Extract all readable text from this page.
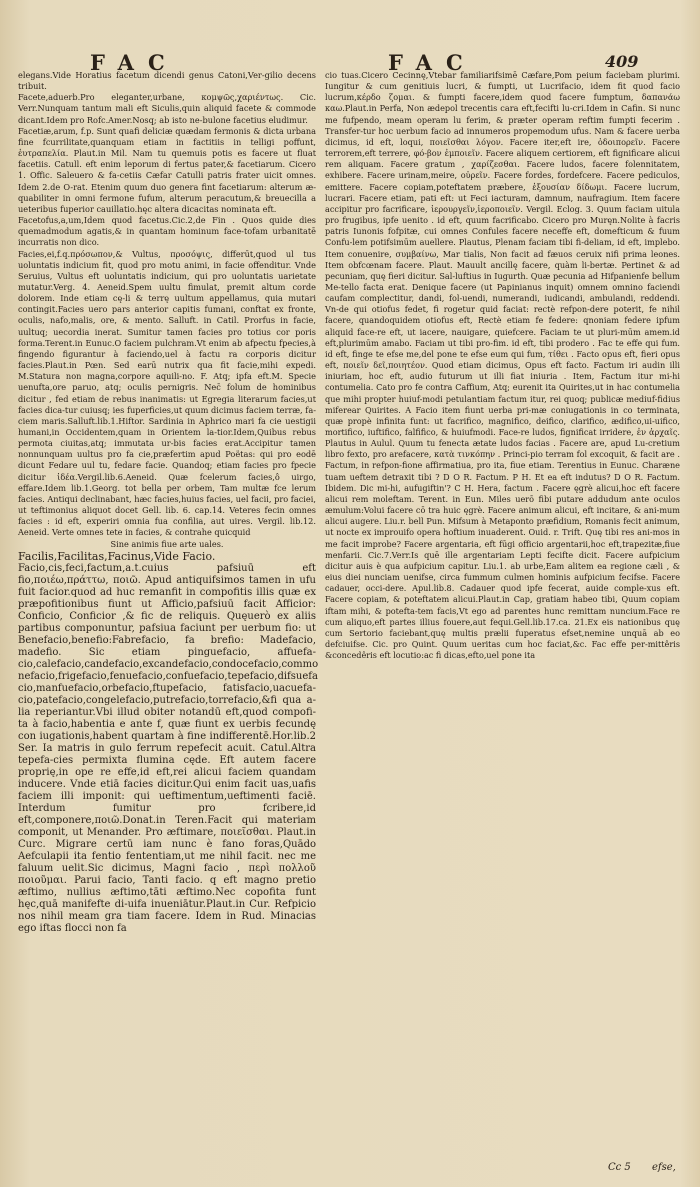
FAC	FAC	409

elegans.Vide Horatius facetum dicendi genus Catoni,Ver-gilio decens tribuit.

Facete,aduerb.Pro eleganter,urbane, κομψῶς,χαριέντως. Cic. Verr.Nunquam tantum mali eft Siculis,quin aliquid facete & commode dicant.Idem pro Rofc.Amer.Nosq; ab isto ne-bulone facetius eludimur.

Facetiæ,arum, f.p. Sunt quafi deliciæ quædam fermonis & dicta urbana fine fcurrilitate,quanquam etiam in factitiis in telligi poffunt, ἐυτραπελία. Plaut.in Mil. Nam tu quemuis potis es facere ut fluat facetiis. Catull. eft enim leporum di fertus pater,& facetiarum. Cicero 1. Offic. Saleuero & fa-cetiis Cæfar Catulli patris frater uicit omnes. Idem 2.de O-rat. Etenim quum duo genera fint facetiarum: alterum æ-quabiliter in omni fermone fufum, alterum peracutum,& breuecilla a ueteribus fuperior cauillatio.hęc altera dicacitas nominata eft.

Facetofus,a,um,Idem quod facetus.Cic.2,de Fin . Quos quide dies quemadmodum agatis,& in quantam hominum face-tofam urbanitatē incurratis non dico.

Facies,ei,f.q.πρόσωπον,& Vultus, προσόψις, differūt,quod ul tus uoluntatis indicium fit, quod pro motu animi, in facie offenditur. Vnde Seruius, Vultus eft uoluntatis indicium, qui pro uoluntatis uarietate mutatur.Verg. 4. Aeneid.Spem uultu fimulat, premit altum corde dolorem. Inde etiam cę-li & terrę uultum appellamus, quia mutari contingit.Facies uero pars anterior capitis fumani, conftat ex fronte, oculis, nafo,malis, ore, & mento. Salluft. in Catil. Prorfus in facie, uultuq; uecordia inerat. Sumitur tamen facies pro totius cor poris forma.Terent.in Eunuc.O faciem pulchram.Vt enim ab afpectu fpecies,à fingendo figurantur à faciendo,uel à factu ra corporis dicitur facies.Plaut.in Pœn. Sed earū nutrix qua fit facie,mihi expedi. M.Statura non magna,corpore aquili-no. F. Atq; ipfa eft.M. Specie uenufta,ore paruo, atq; oculis pernigris. Nec̄ folum de hominibus dicitur , fed etiam de rebus inanimatis: ut Egregia literarum facies,ut facies dica-tur cuiusq; ies fuperficies,ut quum dicimus faciem terræ, fa-ciem maris.Salluft.lib.1.Hiftor. Sardinia in Aphrico mari fa cie uestigii humani,in Occidentem,quam in Orientem la-tior.Idem,Quibus rebus permota ciuitas,atq; immutata ur-bis facies erat.Accipitur tamen nonnunquam uultus pro fa cie,præfertim apud Poëtas: qui pro eodē dicunt Fedare uul tu, fedare facie. Quandoq; etiam facies pro fpecie dicitur ἰδέα.Vergil.lib.6.Aeneid. Quæ fcelerum facies,ô uirgo, effare.Idem lib.1.Georg. tot bella per orbem, Tam multæ fce lerum facies. Antiqui declinabant, hæc facies,huius facies, uel facii, pro faciei, ut teftimonius aliquot docet Gell. lib. 6. cap.14. Veteres fecin omnes facies : id eft, experiri omnia fua confilia, aut uires. Vergil. lib.12. Aeneid. Verte omnes tete in facies, & contrahe quicquid

Sine animis fiue arte uales.

Facilis,Facilitas,Facinus,Vide Facio.

Facio,cis,feci,factum,a.t.cuius pafsiuū eft fio,ποιέω,πράττω, ποιῶ. Apud antiquifsimos tamen in ufu fuit facior.quod ad huc remanfit in compofitis illis quæ ex præpofitionibus fiunt ut Afficio,pafsiuū facit Afficior: Conficio, Conficior ,& fic de reliquis. Quęuerò ex aliis partibus componuntur, pafsiua faciunt per uerbum fio: ut Benefacio,benefio:Fabrefacio, fa brefio: Madefacio, madefio. Sic etiam pinguefacio, affuefa-cio,calefacio,candefacio,excandefacio,condocefacio,commo nefacio,frigefacio,fenuefacio,confuefacio,tepefacio,difsuefa cio,manfuefacio,orbefacio,ftupefacio, fatisfacio,uacuefa-cio,patefacio,congelefacio,putrefacio,torrefacio,&fi qua a-lia reperiantur.Vbi illud obiter notandū eft,quod compofi-ta à facio,habentia e ante f, quæ fiunt ex uerbis fecundę con iugationis,habent quartam à fine indifferentē.Hor.lib.2 Ser. Ia matris in gulo ferrum repefecit acuit. Catul.Altra tepefa-cies permixta flumina cęde. Eft autem facere proprię,in ope re effe,id eft,rei alicui faciem quandam inducere. Vnde etiā facies dicitur.Qui enim facit uas,uafis faciem illi imponit: qui ueftimentum,ueftimenti faciē. Interdum fumitur pro fcribere,id eft,componere,ποιῶ.Donat.in Teren.Facit qui materiam componit, ut Menander. Pro æftimare, ποιεῖσθαι. Plaut.in Curc. Migrare certū iam nunc è fano foras,Quādo Aefculapii ita fentio fententiam,ut me nihil facit. nec me faluum uelit.Sic dicimus, Magni facio , περὶ πολλοῦ ποιοῦμαι. Parui facio, Tanti facio. q eft magno pretio æftimo, nullius æftimo,tāti æftimo.Nec copofita funt hęc,quā manifefte di-uifa inueniātur.Plaut.in Cur. Refpicio nos nihil meam gra tiam facere. Idem in Rud. Minacias ego iftas flocci non fa

cio tuas.Cicero Cecinnę,Vtebar familiarifsimē Cæfare,Pom peium faciebam plurimi. Iungitur & cum genitiuis lucri, & fumpti, ut Lucrifacio, idem fit quod facio lucrum,κέρδο ζομαι. & fumpti facere,idem quod facere fumptum, δαπανάω καω.Plaut.in Perfa, Non ædepol trecentis cara eft,fecifti lu-cri.Idem in Cafin. Si nunc me fufpendo, meam operam lu ferim, & præter operam reftim fumpti fecerim . Transfer-tur hoc uerbum facio ad innumeros propemodum ufus. Nam & facere uerba dicimus, id eft, loqui, ποιεῖσθαι λόγον. Facere iter,eft ire, ὁδοιπορεῖν. Facere terrorem,eft terrere, φό-βον ἐμποιεῖν. Facere aliquem certiorem, eft fignificare alicui rem aliquam. Facere gratum , χαρίζεσθαι. Facere ludos, facere folennitatem, exhibere. Facere urinam,meire, οὐρεῖν. Facere fordes, fordefcere. Facere pediculos, emittere. Facere copiam,poteftatem præbere, ἐξουσίαν δίδωμι. Facere lucrum, lucrari. Facere etiam, pati eft: ut Feci iacturam, damnum, naufragium. Item facere accipitur pro facrificare, ἱερουργεῖν,ἱεροποιεῖν. Vergil. Eclog. 3. Quum faciam uitula pro frugibus, ipfe uenito . id eft, quum facrificabo. Cicero pro Muręn.Nolite à facris patris Iunonis fofpitæ, cui omnes Confules facere neceffe eft, domefticum & fuum Confu-lem potifsimūm auellere. Plautus, Plenam faciam tibi fi-deliam, id eft, implebo. Item conuenire, συμβαίνω, Mar tialis, Non facit ad fæuos ceruix nifi prima leones. Item obfcœnam facere. Plaut. Mauult ancillę facere, quàm li-bertæ. Pertinet & ad pecuniam, quę fieri dicitur. Sal-luftius in Iugurth. Quæ pecunia ad Hifpanienfe bellum Me-tello facta erat. Denique facere (ut Papinianus inquit) omnem omnino faciendi caufam complectitur, dandi, fol-uendi, numerandi, iudicandi, ambulandi, reddendi. Vn-de qui otiofus fedet, fi rogetur quid faciat: rectè refpon-dere poterit, fe nihil facere, quandoquidem otiofus eft, Rectè etiam fe federe: qnoniam federe ipfum aliquid face-re eft, ut iacere, nauigare, quiefcere. Faciam te ut pluri-mūm amem.id eft,plurimūm amabo. Faciam ut tibi pro-fim. id eft, tibi prodero . Fac te effe qui fum. id eft, finge te efse me,del pone te efse eum qui fum, τίθει . Facto opus eft, fieri opus eft, ποιεῖν δεῖ,ποιητέον. Quod etiam dicimus, Opus eft facto. Factum iri audin illi iniuriam, hoc eft, audio futurum ut illi fiat iniuria . Item, Factum itur mi-hi contumelia. Cato pro fe contra Caffium, Atq; eurenit ita Quirites,ut in hac contumelia que mihi propter huiuf-modi petulantiam factum itur, rei quoq; publicæ mediuf-fidius miferear Quirites. A Facio item fiunt uerba pri-mæ coniugationis in co terminata, quæ propè infinita funt: ut facrifico, magnifico, deifico, clarifico, ædifico,ui-uifico, mortifico, iuftifico, falfifico, & huiufmodi. Face-re ludos, fignificat irridere, ἐν ἀρχαῖς. Plautus in Aulul. Quum tu fenecta ætate ludos facias . Facere are, apud Lu-cretium libro fexto, pro arefacere, κατὰ τινκόπην . Princi-pio terram fol excoquit, & facit are . Factum, in refpon-fione affirmatiua, pro ita, fiue etiam. Terentius in Eunuc. Charæne tuam ueftem detraxit tibi ? D O R. Factum. P H. Et ea eft indutus? D O R. Factum. Ibidem. Dic mi-hi, aufugiftin'? C H. Hera, factum . Facere ęgrè alicui,hoc eft facere alicui rem moleftam. Terent. in Eun. Miles uerō fibi putare addudum ante oculos æmulum:Volui facere cō tra huic ęgrè. Facere animum alicui, eft incitare, & ani-mum alicui augere. Liu.r. bell Pun. Mifsum à Metaponto præfidium, Romanis fecit animum, ut nocte ex improuifo opera hoftium inuaderent. Ouid. r. Trift. Quę tibi res ani-mos in me facit improbe? Facere argentaria, eft fūgi officio argentarii,hoc eft,trapezitæ,fiue menfarii. Cic.7.Verr.Is quē ille argentariam Lepti fecifte dicit. Facere aufpicium dicitur auis è qua aufpicium capitur. Liu.1. ab urbe,Eam alitem ea regione cæli , & eius diei nunciam uenifse, circa fummum culmen hominis aufpicium fecifse. Facere cadauer, occi-dere. Apul.lib.8. Cadauer quod ipfe fecerat, auide comple-xus eft. Facere copiam, & poteftatem alicui.Plaut.in Cap, gratiam habeo tibi, Quum copiam iftam mihi, & potefta-tem facis,Vt ego ad parentes hunc remittam nuncium.Face re cum aliquo,eft partes illius fouere,aut fequi.Gell.lib.17.ca. 21.Ex eis nationibus quę cum Sertorio faciebant,quę multis prælii fuperatus efset,nemine unquā ab eo defciuifse. Cic. pro Quint. Quum ueritas cum hoc faciat,&c. Fac effe per-mittêris &concedêris eft locutio:ac fi dicas,efto,uel pone ita

Cc 5 efse,
